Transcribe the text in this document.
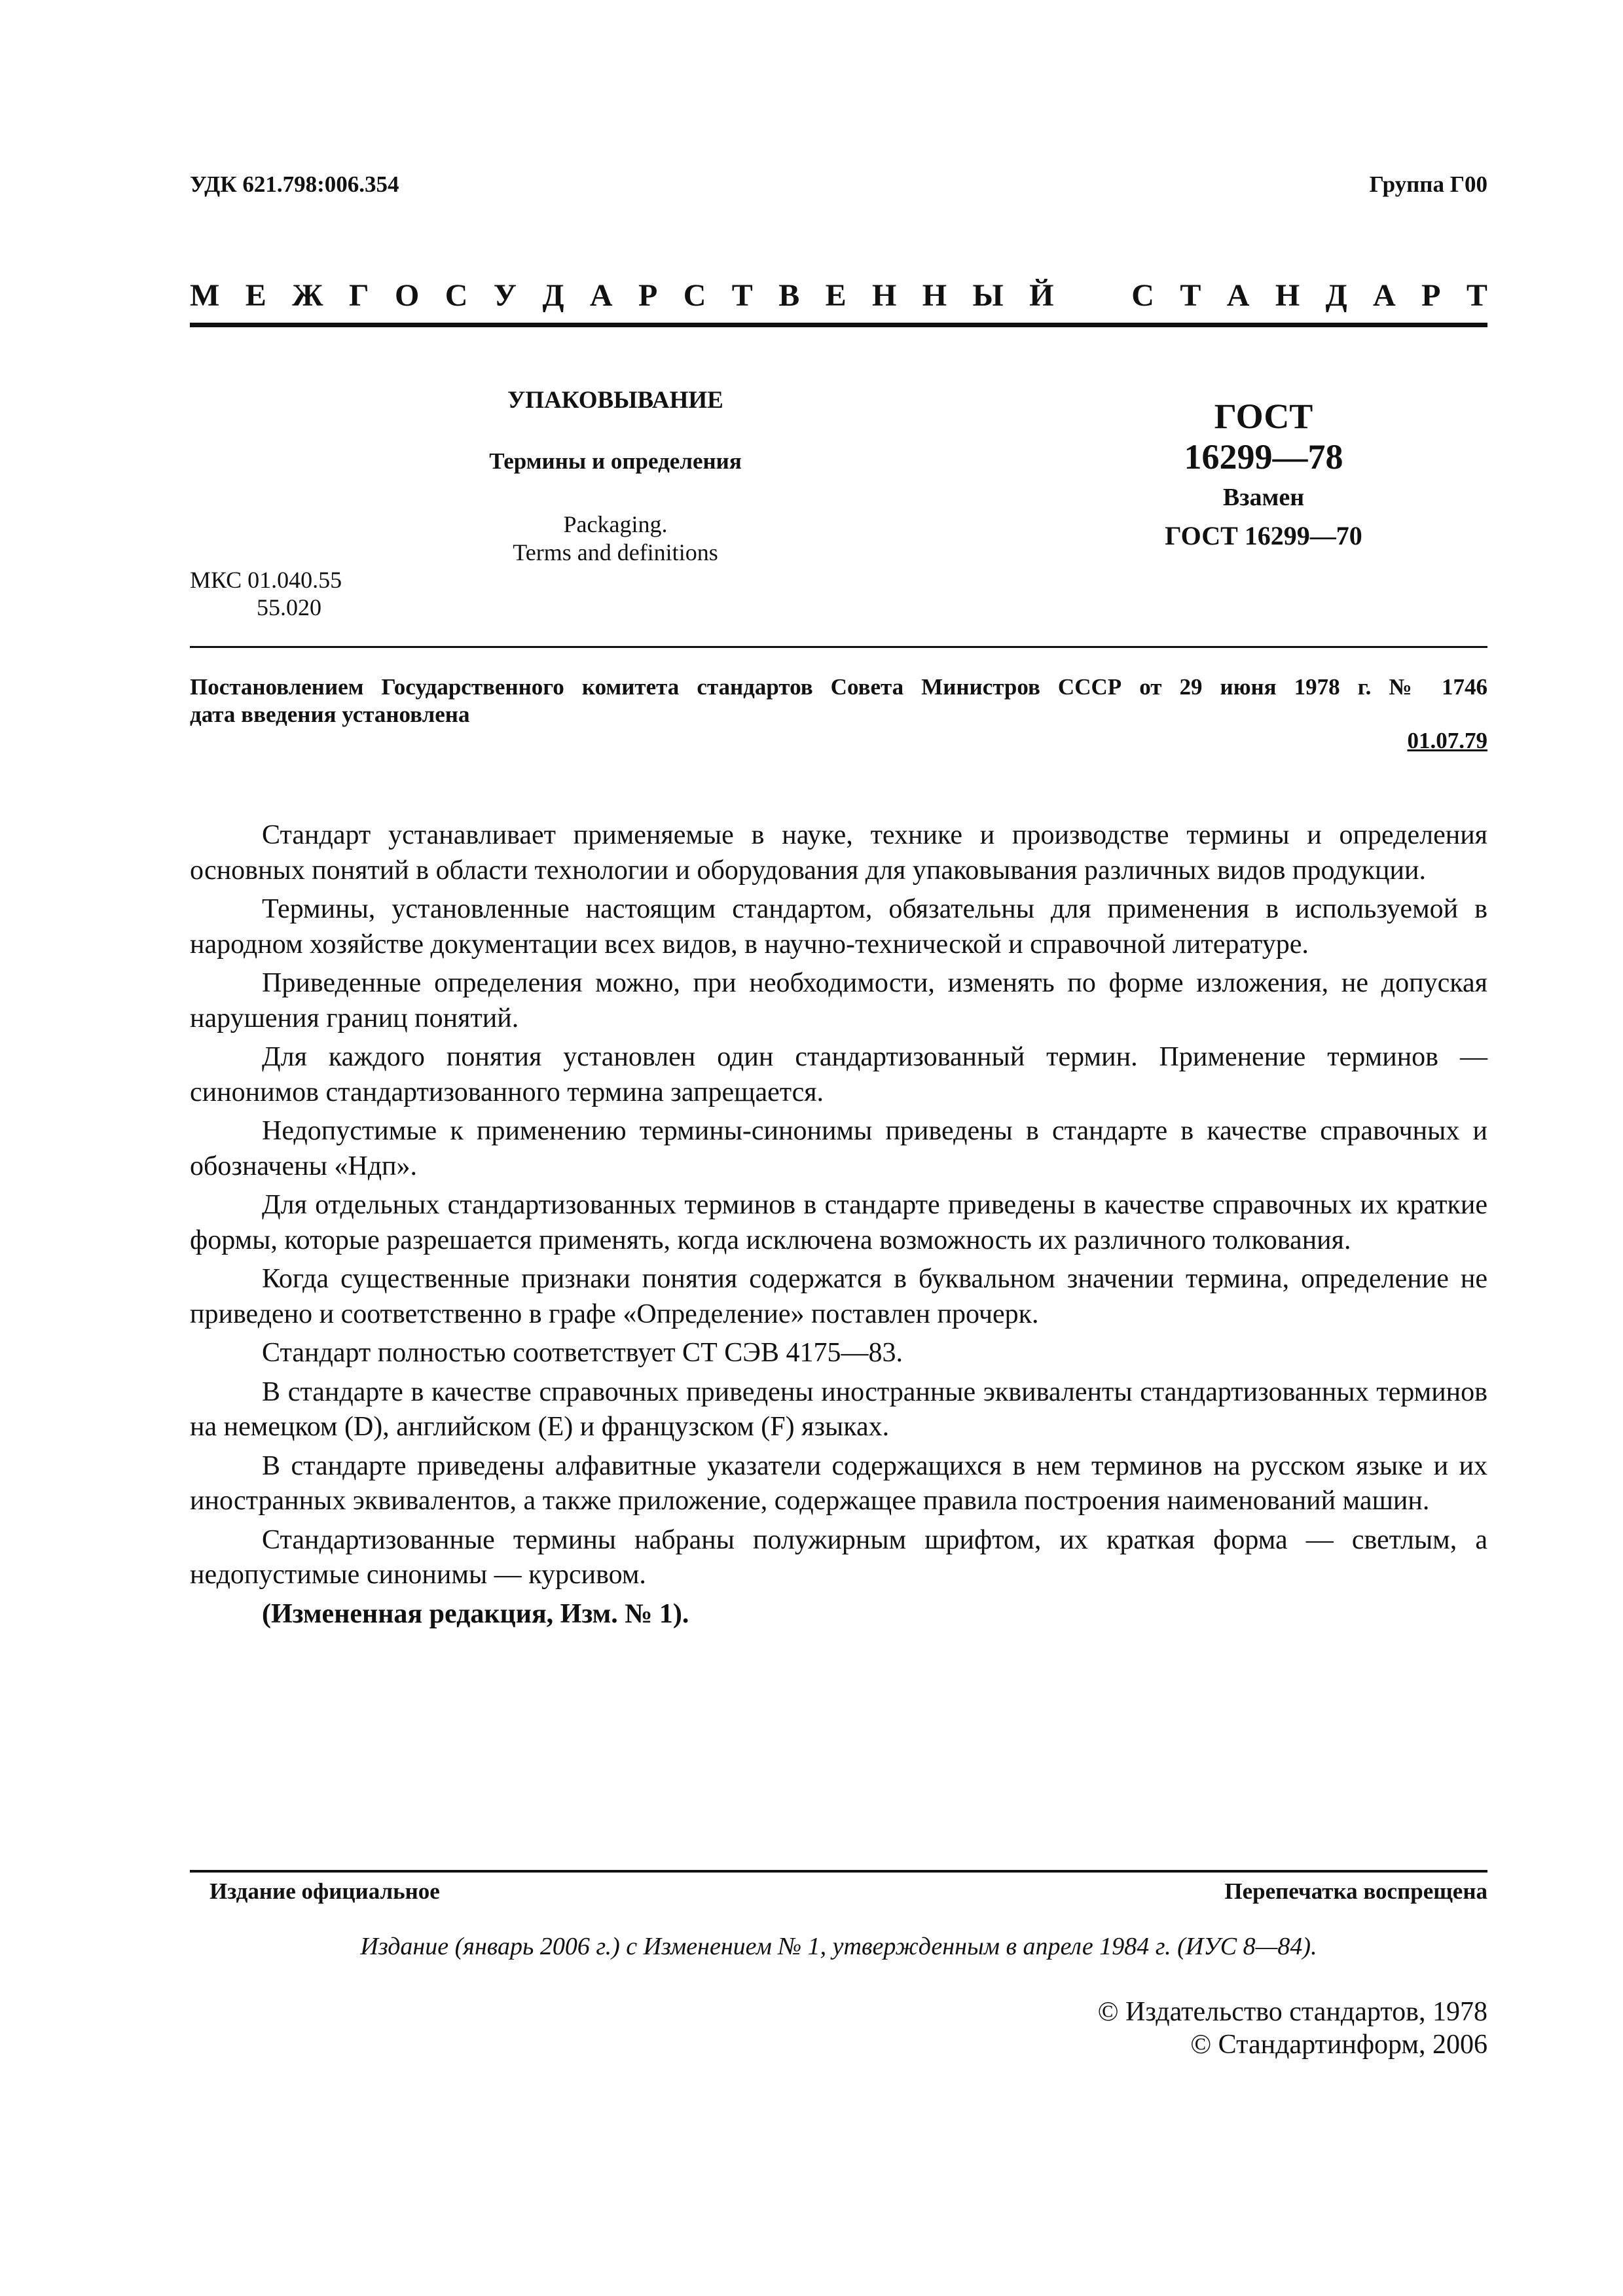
УДК 621.798:006.354	Группа Г00
М Е Ж Г О С У Д А Р С Т В Е Н Н Ы Й С Т А Н Д А Р Т
УПАКОВЫВАНИЕ
Термины и определения
Packaging.
Terms and definitions
ГОСТ
16299—78
Взамен
ГОСТ 16299—70
МКС 01.040.55
55.020
Постановлением Государственного комитета стандартов Совета Министров СССР от 29 июня 1978 г. № 1746
дата введения установлена
01.07.79

Стандарт устанавливает применяемые в науке, технике и производстве термины и определения основных понятий в области технологии и оборудования для упаковывания различных видов продукции.

Термины, установленные настоящим стандартом, обязательны для применения в используемой в народном хозяйстве документации всех видов, в научно-технической и справочной литературе.

Приведенные определения можно, при необходимости, изменять по форме изложения, не допуская нарушения границ понятий.

Для каждого понятия установлен один стандартизованный термин. Применение терминов — синонимов стандартизованного термина запрещается.

Недопустимые к применению термины-синонимы приведены в стандарте в качестве справочных и обозначены «Ндп».

Для отдельных стандартизованных терминов в стандарте приведены в качестве справочных их краткие формы, которые разрешается применять, когда исключена возможность их различного толкования.

Когда существенные признаки понятия содержатся в буквальном значении термина, определение не приведено и соответственно в графе «Определение» поставлен прочерк.

Стандарт полностью соответствует СТ СЭВ 4175—83.

В стандарте в качестве справочных приведены иностранные эквиваленты стандартизованных терминов на немецком (D), английском (E) и французском (F) языках.

В стандарте приведены алфавитные указатели содержащихся в нем терминов на русском языке и их иностранных эквивалентов, а также приложение, содержащее правила построения наименований машин.

Стандартизованные термины набраны полужирным шрифтом, их краткая форма — светлым, а недопустимые синонимы — курсивом.

(Измененная редакция, Изм. № 1).

Издание официальное	Перепечатка воспрещена
Издание (январь 2006 г.) с Изменением № 1, утвержденным в апреле 1984 г. (ИУС 8—84).
© Издательство стандартов, 1978
© Стандартинформ, 2006
